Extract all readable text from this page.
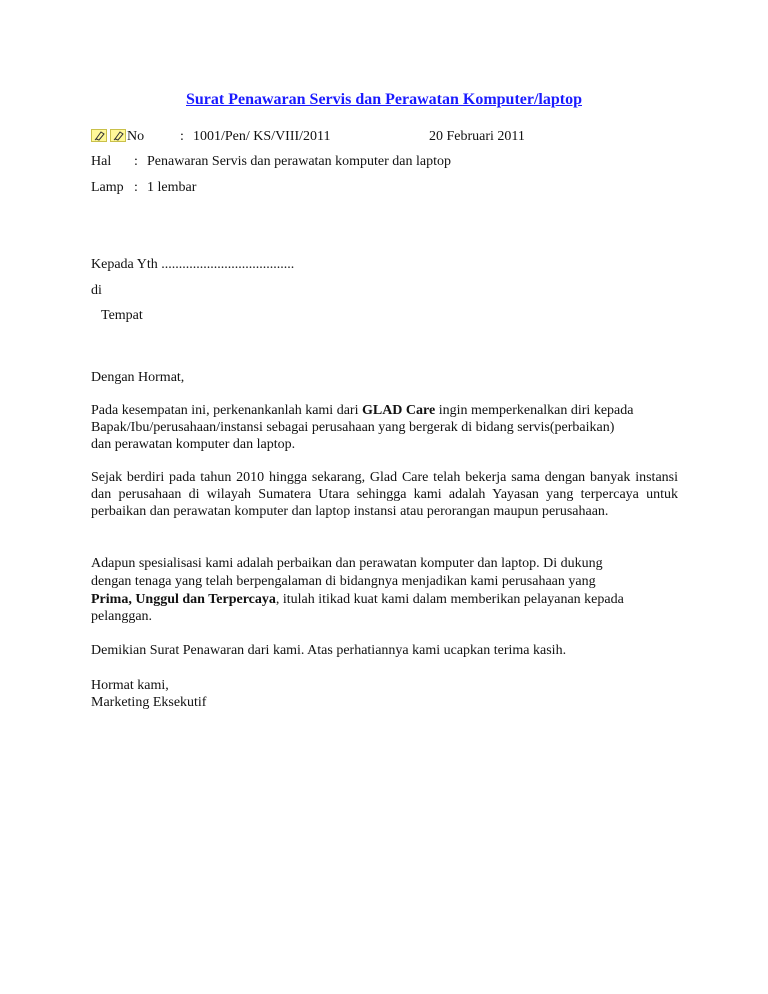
Surat Penawaran Servis dan Perawatan Komputer/laptop
No	: 1001/Pen/ KS/VIII/2011	20 Februari 2011
Hal : Penawaran Servis dan perawatan komputer dan laptop
Lamp : 1 lembar
Kepada Yth ......................................
di
Tempat
Dengan Hormat,
Pada kesempatan ini, perkenankanlah kami dari GLAD Care ingin memperkenalkan diri kepada
Bapak/Ibu/perusahaan/instansi sebagai perusahaan yang bergerak di bidang servis(perbaikan)
dan perawatan komputer dan laptop.

Sejak berdiri pada tahun 2010 hingga sekarang, Glad Care telah bekerja sama dengan banyak instansi dan perusahaan di wilayah Sumatera Utara sehingga kami adalah Yayasan yang terpercaya untuk perbaikan dan perawatan komputer dan laptop instansi atau perorangan maupun perusahaan.

Adapun spesialisasi kami adalah perbaikan dan perawatan komputer dan laptop. Di dukung
dengan tenaga yang telah berpengalaman di bidangnya menjadikan kami perusahaan yang
Prima, Unggul dan Terpercaya, itulah itikad kuat kami dalam memberikan pelayanan kepada
pelanggan.
Demikian Surat Penawaran dari kami. Atas perhatiannya kami ucapkan terima kasih.
Hormat kami,
Marketing Eksekutif
